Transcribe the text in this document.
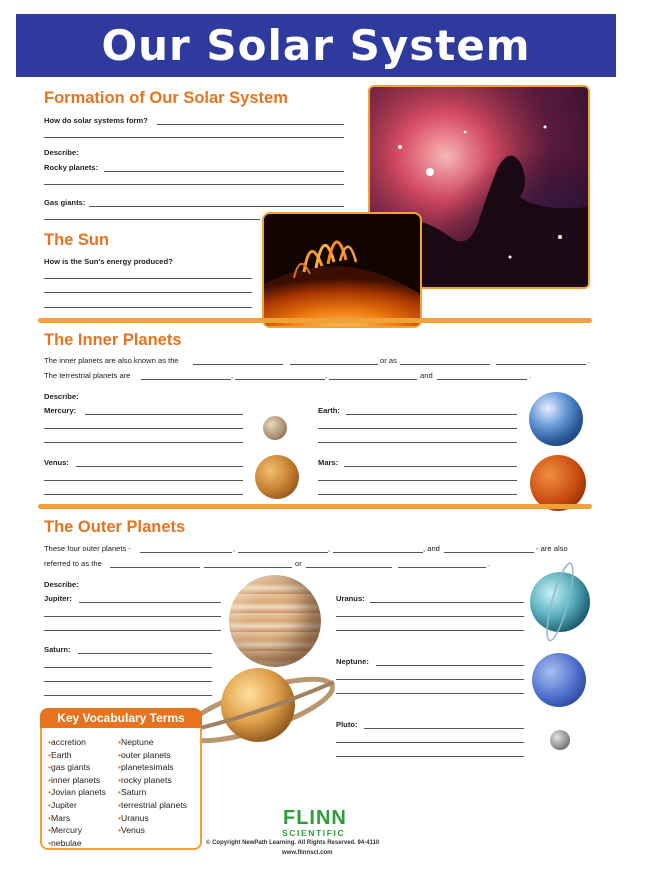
Our Solar System
Formation of Our Solar System
How do solar systems form?
Describe:
Rocky planets:
Gas giants:
The Sun
How is the Sun's energy produced?
The Inner Planets
The inner planets are also known as the	or as	.
The terrestrial planets are	,	,	and	.
Describe:
Mercury:
Venus:
Earth:
Mars:
The Outer Planets
These four outer planets -	,	,	, and	- are also
referred to as the	or	.
Describe:
Jupiter:
Saturn:
Uranus:
Neptune:
Pluto:
Key Vocabulary Terms
• accretion
• Earth
• gas giants
• inner planets
• Jovian planets
• Jupiter
• Mars
• Mercury
• nebulae
• Neptune
• outer planets
• planetesimals
• rocky planets
• Saturn
• terrestrial planets
• Uranus
• Venus
FLINN
SCIENTIFIC
© Copyright NewPath Learning. All Rights Reserved. 94-4110
www.flinnsci.com
